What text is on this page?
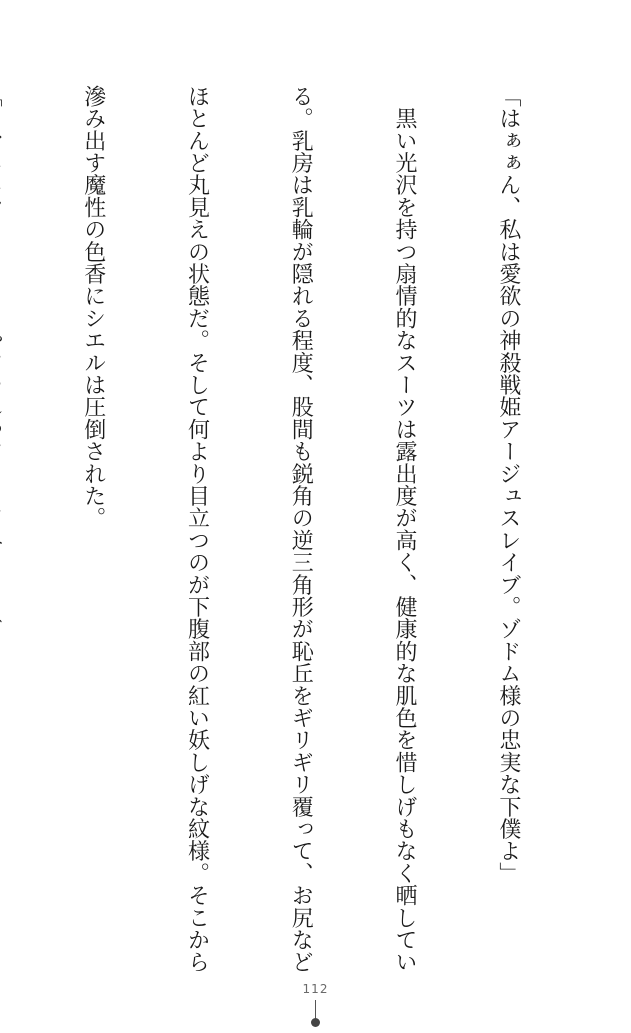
「はぁぁん、私は愛欲の神殺戦姫アージュスレイブ。ゾドム様の忠実な下僕よ」

　黒い光沢を持つ扇情的なスーツは露出度が高く、健康的な肌色を惜しげもなく晒してい

る。乳房は乳輪が隠れる程度、股間も鋭角の逆三角形が恥丘をギリギリ覆って、お尻など

ほとんど丸見えの状態だ。そして何より目立つのが下腹部の紅い妖しげな紋様。そこから

滲み出す魔性の色香にシエルは圧倒された。

112
